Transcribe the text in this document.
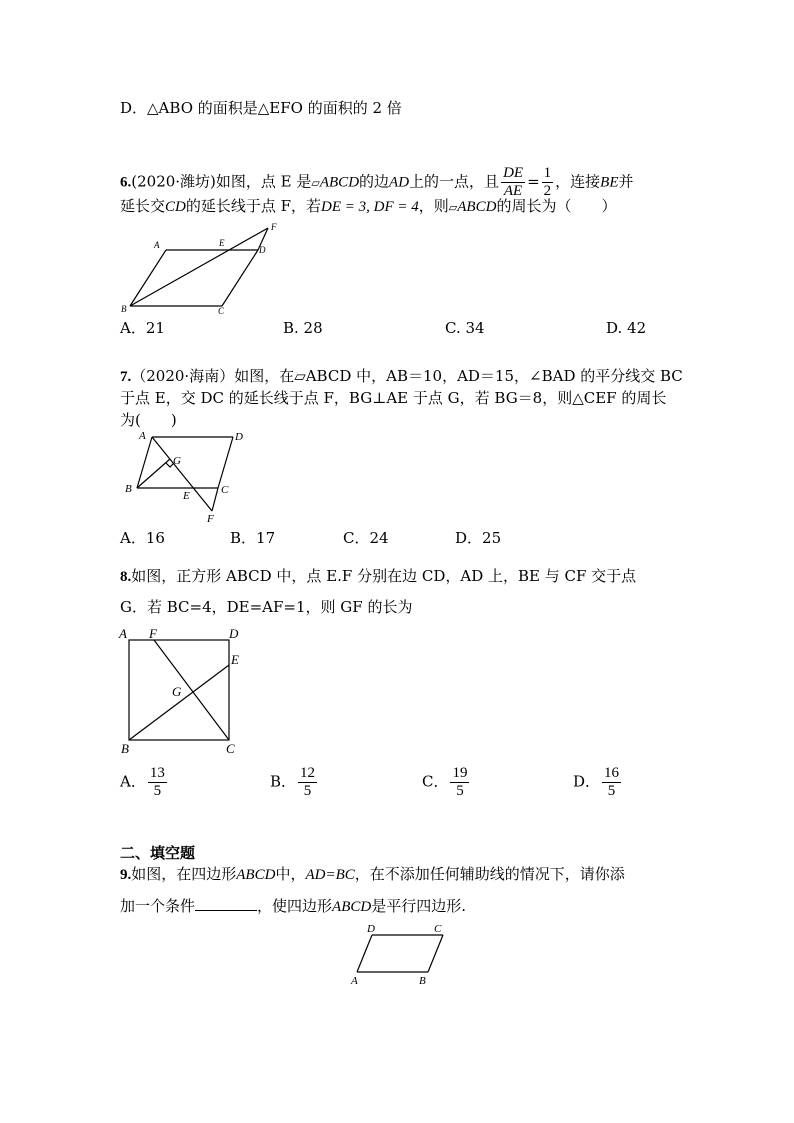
D．△ABO 的面积是△EFO 的面积的 2 倍
6.(2020·潍坊)如图，点 E 是▱ABCD的边AD上的一点，且 $\frac{DE}{AE} = \frac{1}{2}$ ，连接BE并
延长交CD的延长线于点 F，若DE = 3, DF = 4，则▱ABCD的周长为（　　）
A	E
D
F
B	C
A．21	B. 28	C. 34	D. 42
7.（2020·海南）如图，在▱ABCD 中，AB＝10，AD＝15，∠BAD 的平分线交 BC
于点 E，交 DC 的延长线于点 F，BG⊥AE 于点 G，若 BG＝8，则△CEF 的周长
为(　　)
A	D
G
B
E	C
F
A．16	B．17	C．24	D．25
8.如图，正方形 ABCD 中，点 E.F 分别在边 CD，AD 上，BE 与 CF 交于点
G．若 BC=4，DE=AF=1，则 GF 的长为
A F	D
E
G
B	C
A． $\frac{13}{5}$	B． $\frac{12}{5}$	C． $\frac{19}{5}$	D． $\frac{16}{5}$
二、填空题
9.如图，在四边形ABCD中，AD=BC，在不添加任何辅助线的情况下，请你添
加一个条件	，使四边形ABCD是平行四边形.
D	C
A	B
